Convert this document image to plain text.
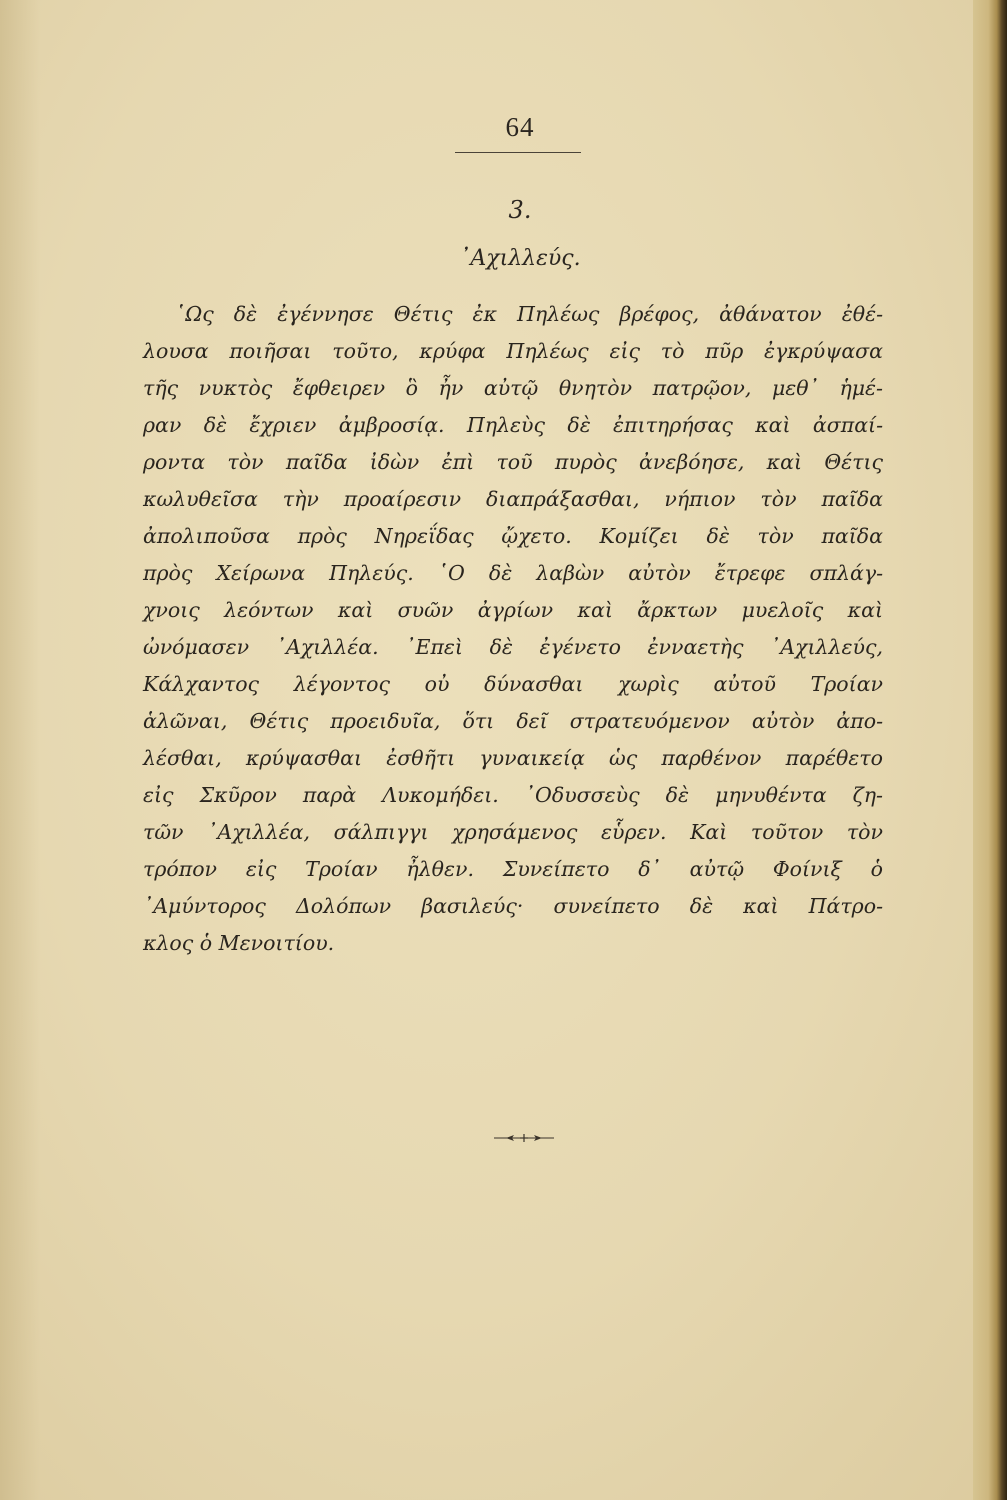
64
3.
᾿Αχιλλεύς.

῾Ως δὲ ἐγέννησε Θέτις ἐκ Πηλέως βρέφος, ἀθάνατον ἐθέ-
λουσα ποιῆσαι τοῦτο, κρύφα Πηλέως εἰς τὸ πῦρ ἐγκρύψασα
τῆς νυκτὸς ἔφθειρεν ὃ ἦν αὐτῷ θνητὸν πατρῷον, μεθ᾿ ἡμέ-
ραν δὲ ἔχριεν ἀμβροσίᾳ. Πηλεὺς δὲ ἐπιτηρήσας καὶ ἀσπαί-
ροντα τὸν παῖδα ἰδὼν ἐπὶ τοῦ πυρὸς ἀνεβόησε, καὶ Θέτις
κωλυθεῖσα τὴν προαίρεσιν διαπράξασθαι, νήπιον τὸν παῖδα
ἀπολιποῦσα πρὸς Νηρεΐδας ᾤχετο. Κομίζει δὲ τὸν παῖδα
πρὸς Χείρωνα Πηλεύς. ῾Ο δὲ λαβὼν αὐτὸν ἔτρεφε σπλάγ-
χνοις λεόντων καὶ συῶν ἀγρίων καὶ ἄρκτων μυελοῖς καὶ
ὠνόμασεν ᾿Αχιλλέα. ᾿Επεὶ δὲ ἐγένετο ἐνναετὴς ᾿Αχιλλεύς,
Κάλχαντος λέγοντος οὐ δύνασθαι χωρὶς αὐτοῦ Τροίαν
ἁλῶναι, Θέτις προειδυῖα, ὅτι δεῖ στρατευόμενον αὐτὸν ἀπο-
λέσθαι, κρύψασθαι ἐσθῆτι γυναικείᾳ ὡς παρθένον παρέθετο
εἰς Σκῦρον παρὰ Λυκομήδει. ᾿Οδυσσεὺς δὲ μηνυθέντα ζη-
τῶν ᾿Αχιλλέα, σάλπιγγι χρησάμενος εὗρεν. Καὶ τοῦτον τὸν
τρόπον εἰς Τροίαν ἦλθεν. Συνείπετο δ᾿ αὐτῷ Φοίνιξ ὁ
᾿Αμύντορος Δολόπων βασιλεύς· συνείπετο δὲ καὶ Πάτρο-
κλος ὁ Μενοιτίου.
